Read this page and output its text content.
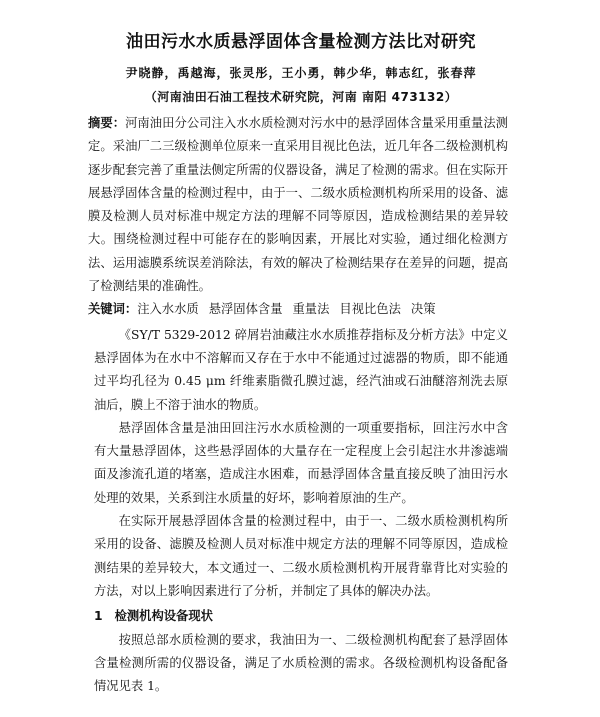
油田污水水质悬浮固体含量检测方法比对研究
尹晓静，禹越海，张灵彤，王小勇，韩少华，韩志红，张春萍
（河南油田石油工程技术研究院，河南 南阳 473132）

摘要：河南油田分公司注入水水质检测对污水中的悬浮固体含量采用重量法测定。采油厂二三级检测单位原来一直采用目视比色法，近几年各二级检测机构逐步配套完善了重量法侧定所需的仪器设备，满足了检测的需求。但在实际开展悬浮固体含量的检测过程中，由于一、二级水质检测机构所采用的设备、滤膜及检测人员对标准中规定方法的理解不同等原因，造成检测结果的差异较大。围绕检测过程中可能存在的影响因素，开展比对实验，通过细化检测方法、运用滤膜系统误差消除法，有效的解决了检测结果存在差异的问题，提高了检测结果的准确性。

关键词：注入水水质 悬浮固体含量 重量法 目视比色法 决策

《SY/T 5329-2012 碎屑岩油藏注水水质推荐指标及分析方法》中定义悬浮固体为在水中不溶解而又存在于水中不能通过过滤器的物质，即不能通过平均孔径为 0.45 μm 纤维素脂微孔膜过滤，经汽油或石油醚溶剂洗去原油后，膜上不溶于油水的物质。

悬浮固体含量是油田回注污水水质检测的一项重要指标，回注污水中含有大量悬浮固体，这些悬浮固体的大量存在一定程度上会引起注水井渗滤端面及渗流孔道的堵塞，造成注水困难，而悬浮固体含量直接反映了油田污水处理的效果，关系到注水质量的好坏，影响着原油的生产。

在实际开展悬浮固体含量的检测过程中，由于一、二级水质检测机构所采用的设备、滤膜及检测人员对标准中规定方法的理解不同等原因，造成检测结果的差异较大，本文通过一、二级水质检测机构开展背靠背比对实验的方法，对以上影响因素进行了分析，并制定了具体的解决办法。

1 检测机构设备现状

按照总部水质检测的要求，我油田为一、二级检测机构配套了悬浮固体含量检测所需的仪器设备，满足了水质检测的需求。各级检测机构设备配备情况见表 1。
